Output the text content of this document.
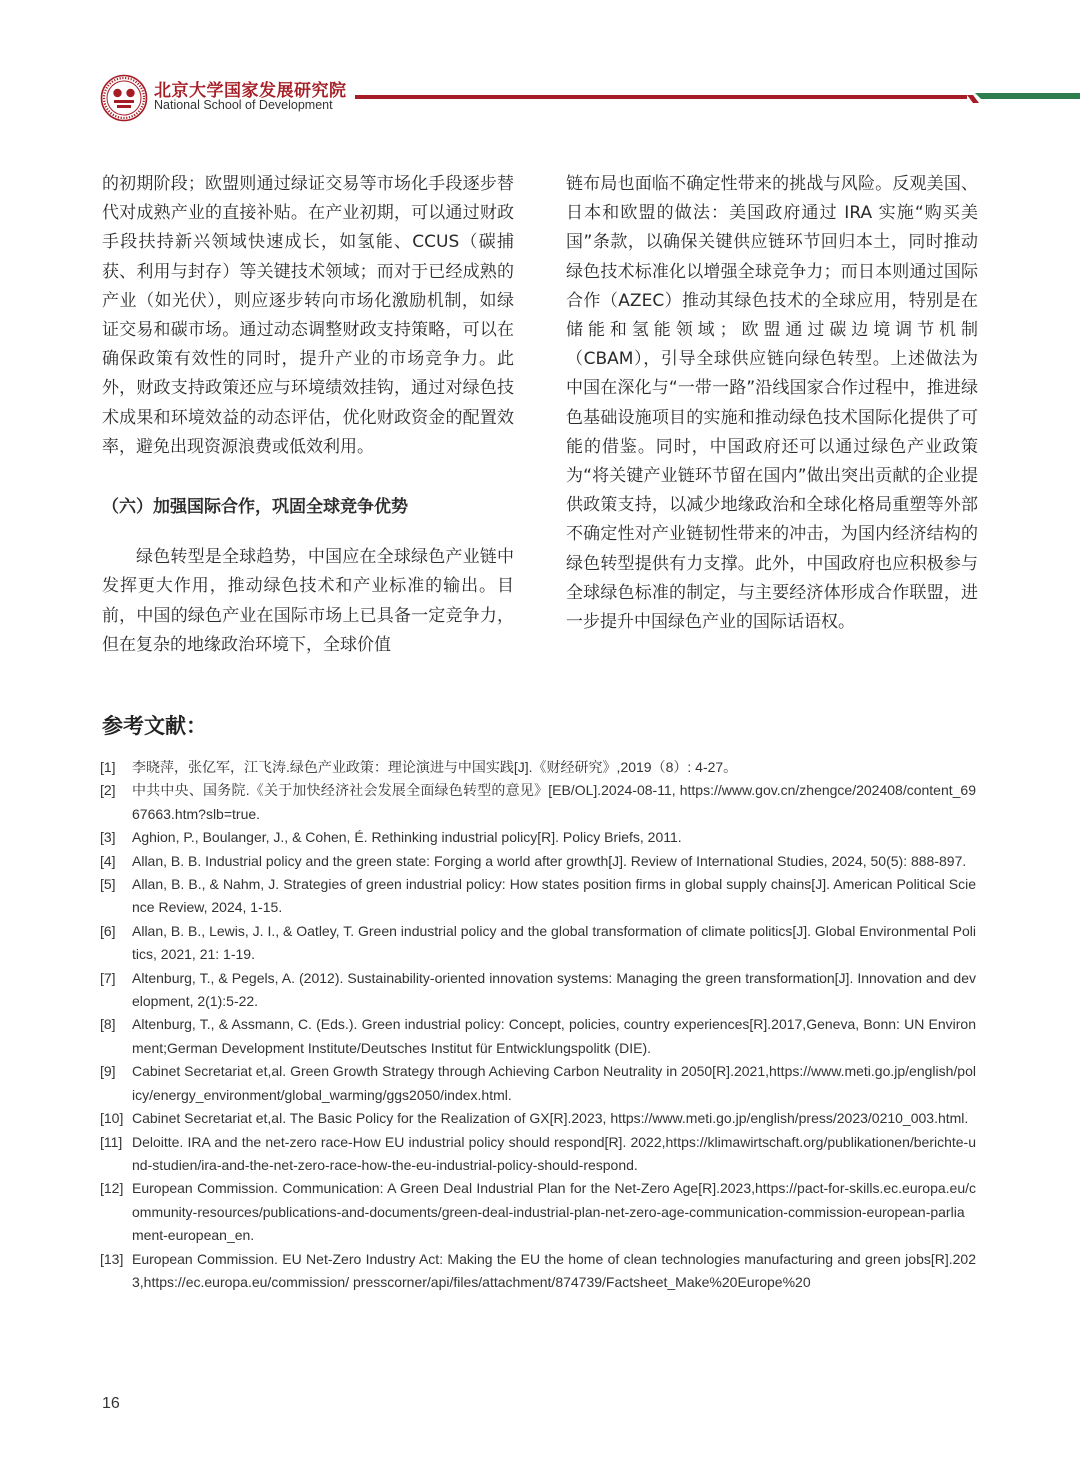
北京大学国家发展研究院
National School of Development

的初期阶段；欧盟则通过绿证交易等市场化手段逐步替代对成熟产业的直接补贴。在产业初期，可以通过财政手段扶持新兴领域快速成长，如氢能、CCUS（碳捕获、利用与封存）等关键技术领域；而对于已经成熟的产业（如光伏），则应逐步转向市场化激励机制，如绿证交易和碳市场。通过动态调整财政支持策略，可以在确保政策有效性的同时，提升产业的市场竞争力。此外，财政支持政策还应与环境绩效挂钩，通过对绿色技术成果和环境效益的动态评估，优化财政资金的配置效率，避免出现资源浪费或低效利用。

（六）加强国际合作，巩固全球竞争优势

绿色转型是全球趋势，中国应在全球绿色产业链中发挥更大作用，推动绿色技术和产业标准的输出。目前，中国的绿色产业在国际市场上已具备一定竞争力，但在复杂的地缘政治环境下，全球价值

链布局也面临不确定性带来的挑战与风险。反观美国、日本和欧盟的做法：美国政府通过 IRA 实施“购买美国”条款，以确保关键供应链环节回归本土，同时推动绿色技术标准化以增强全球竞争力；而日本则通过国际合作（AZEC）推动其绿色技术的全球应用，特别是在储能和氢能领域；欧盟通过碳边境调节机制（CBAM），引导全球供应链向绿色转型。上述做法为中国在深化与“一带一路”沿线国家合作过程中，推进绿色基础设施项目的实施和推动绿色技术国际化提供了可能的借鉴。同时，中国政府还可以通过绿色产业政策为“将关键产业链环节留在国内”做出突出贡献的企业提供政策支持，以减少地缘政治和全球化格局重塑等外部不确定性对产业链韧性带来的冲击，为国内经济结构的绿色转型提供有力支撑。此外，中国政府也应积极参与全球绿色标准的制定，与主要经济体形成合作联盟，进一步提升中国绿色产业的国际话语权。

参考文献：
[1]	李晓萍，张亿军，江飞涛.绿色产业政策：理论演进与中国实践[J].《财经研究》,2019（8）: 4-27。
[2]	中共中央、国务院.《关于加快经济社会发展全面绿色转型的意见》[EB/OL].2024-08-11, https://www.gov.cn/zhengce/202408/content_6967663.htm?slb=true.
[3]	Aghion, P., Boulanger, J., & Cohen, É. Rethinking industrial policy[R]. Policy Briefs, 2011.
[4]	Allan, B. B. Industrial policy and the green state: Forging a world after growth[J]. Review of International Studies, 2024, 50(5): 888-897.
[5]	Allan, B. B., & Nahm, J. Strategies of green industrial policy: How states position firms in global supply chains[J]. American Political Science Review, 2024, 1-15.
[6]	Allan, B. B., Lewis, J. I., & Oatley, T. Green industrial policy and the global transformation of climate politics[J]. Global Environmental Politics, 2021, 21: 1-19.
[7]	Altenburg, T., & Pegels, A. (2012). Sustainability-oriented innovation systems: Managing the green transformation[J]. Innovation and development, 2(1):5-22.
[8]	Altenburg, T., & Assmann, C. (Eds.). Green industrial policy: Concept, policies, country experiences[R].2017,Geneva, Bonn: UN Environment;German Development Institute/Deutsches Institut für Entwicklungspolitk (DIE).
[9]	Cabinet Secretariat et,al. Green Growth Strategy through Achieving Carbon Neutrality in 2050[R].2021,https://www.meti.go.jp/english/policy/energy_environment/global_warming/ggs2050/index.html.
[10] Cabinet Secretariat et,al. The Basic Policy for the Realization of GX[R].2023, https://www.meti.go.jp/english/press/2023/0210_003.html.
[11] Deloitte. IRA and the net-zero race-How EU industrial policy should respond[R]. 2022,https://klimawirtschaft.org/publikationen/berichte-und-studien/ira-and-the-net-zero-race-how-the-eu-industrial-policy-should-respond.
[12] European Commission. Communication: A Green Deal Industrial Plan for the Net-Zero Age[R].2023,https://pact-for-skills.ec.europa.eu/community-resources/publications-and-documents/green-deal-industrial-plan-net-zero-age-communication-commission-european-parliament-european_en.
[13] European Commission. EU Net-Zero Industry Act: Making the EU the home of clean technologies manufacturing and green jobs[R].2023,https://ec.europa.eu/commission/ presscorner/api/files/attachment/874739/Factsheet_Make%20Europe%20
16
